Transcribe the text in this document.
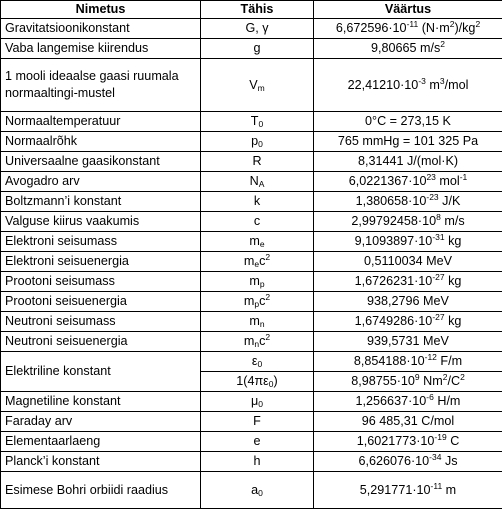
Nimetus	Tähis	Väärtus
Gravitatsioonikonstant	G, γ	$6,672596\cdot 10^{-11}$ $(N\cdot m^2)/kg^2$
Vaba langemise kiirendus	g	9,80665 $m/s^2$
1 mooli ideaalse gaasi ruumala normaaltingi-mustel	$V_m$	$22,41210\cdot 10^{-3}$ $m^3$/mol
Normaaltemperatuur	$T_0$	0°C = 273,15 K
Normaalrõhk	$p_0$	765 mmHg = 101 325 Pa
Universaalne gaasikonstant	R	8,31441 J/(mol·K)
Avogadro arv	$N_A$	$6,0221367\cdot 10^{23}$ mol$^{-1}$
Boltzmann’i konstant	k	$1,380658\cdot 10^{-23}$ J/K
Valguse kiirus vaakumis	c	$2,99792458\cdot 10^8$ m/s
Elektroni seisumass	$m_e$	$9,1093897\cdot 10^{-31}$ kg
Elektroni seisuenergia	$m_ec^2$	0,5110034 MeV
Prootoni seisumass	$m_p$	$1,6726231\cdot 10^{-27}$ kg
Prootoni seisuenergia	$m_pc^2$	938,2796 MeV
Neutroni seisumass	$m_n$	$1,6749286\cdot 10^{-27}$ kg
Neutroni seisuenergia	$m_nc^2$	939,5731 MeV
Elektriline konstant	$\varepsilon_0$	$8,854188\cdot 10^{-12}$ F/m
	$1(4\pi\varepsilon_0)$	$8,98755\cdot 10^9$ $Nm^2/C^2$
Magnetiline konstant	$\mu_0$	$1,256637\cdot 10^{-6}$ H/m
Faraday arv	F	96 485,31 C/mol
Elementaarlaeng	e	$1,6021773\cdot 10^{-19}$ C
Planck’i konstant	h	$6,626076\cdot 10^{-34}$ Js
Esimese Bohri orbiidi raadius	$a_0$	$5,291771\cdot 10^{-11}$ m
